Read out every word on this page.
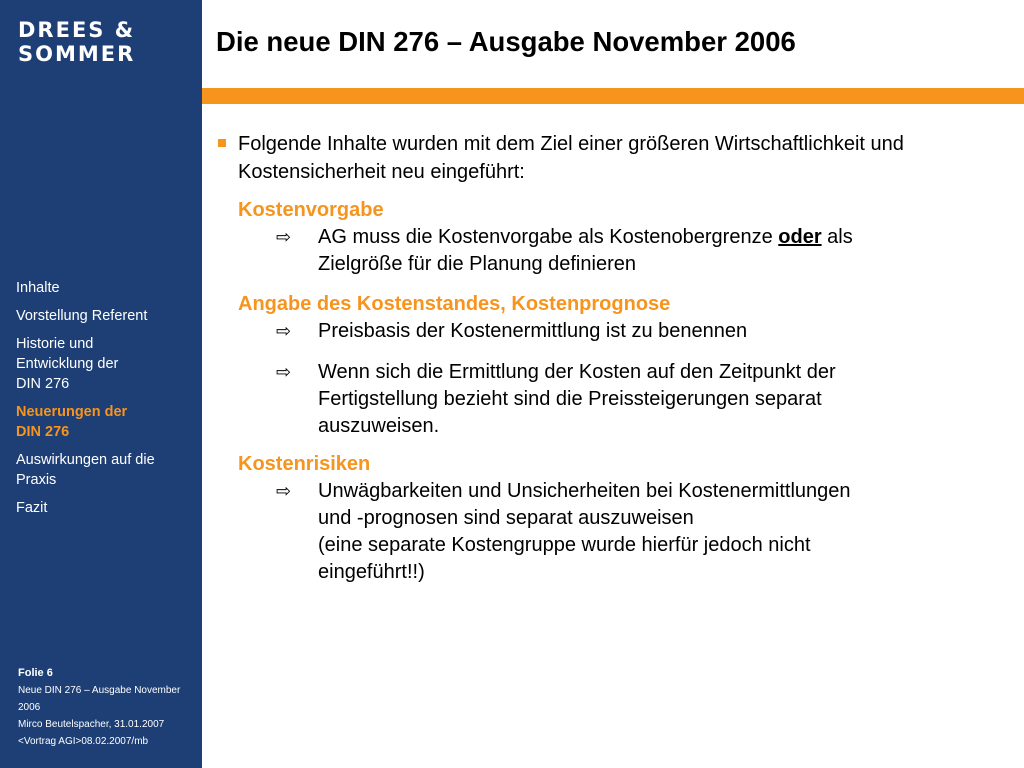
DREES &
SOMMER
Inhalte
Vorstellung Referent
Historie und
Entwicklung der
DIN 276
Neuerungen der
DIN 276
Auswirkungen auf die
Praxis
Fazit
Folie 6
Neue DIN 276 – Ausgabe November 2006
Mirco Beutelspacher, 31.01.2007
<Vortrag AGI>08.02.2007/mb
Die neue DIN 276 – Ausgabe November 2006
Folgende Inhalte wurden mit dem Ziel einer größeren Wirtschaftlichkeit und Kostensicherheit neu eingeführt:
Kostenvorgabe
⇨	AG muss die Kostenvorgabe als Kostenobergrenze oder als
Zielgröße für die Planung definieren
Angabe des Kostenstandes, Kostenprognose
⇨	Preisbasis der Kostenermittlung ist zu benennen
⇨	Wenn sich die Ermittlung der Kosten auf den Zeitpunkt der
Fertigstellung bezieht sind die Preissteigerungen separat
auszuweisen.
Kostenrisiken
⇨	Unwägbarkeiten und Unsicherheiten bei Kostenermittlungen
und -prognosen sind separat auszuweisen
(eine separate Kostengruppe wurde hierfür jedoch nicht
eingeführt!!)
